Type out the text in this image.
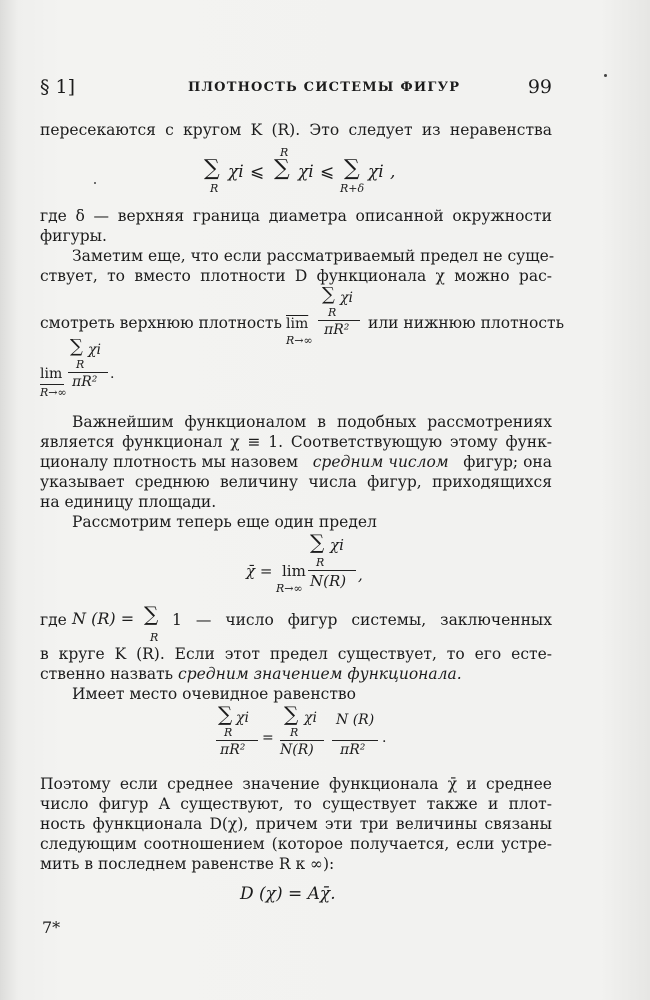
§ 1]	ПЛОТНОСТЬ СИСТЕМЫ ФИГУР	99
пересекаются с кругом K (R). Это следует из неравенства
∑
R
χi ⩽
R
∑ χi ⩽ ∑
R+δ
χi ,
где δ — верхняя граница диаметра описанной окружности
фигуры.
Заметим еще, что если рассматриваемый предел не суще-
ствует, то вместо плотности D функционала χ можно рас-
смотреть верхнюю плотность $\overline{lim}$
R→∞
∑ χi
R
πR² или нижнюю плотность
lim
R→∞
∑ χi
R
πR² .
Важнейшим функционалом в подобных рассмотрениях
является функционал χ ≡ 1. Соответствующую этому функ-
ционалу плотность мы назовем средним числом фигур; она
указывает среднюю величину числа фигур, приходящихся
на единицу площади.
Рассмотрим теперь еще один предел
χ̄ = lim
R→∞
∑ χi
R
N(R) ,
где N (R) = ∑
R
1 — число фигур системы, заключенных
в круге K (R). Если этот предел существует, то его есте-
ственно назвать средним значением функционала.
Имеет место очевидное равенство
∑ χi
R
πR²
=
∑ χi
R
N(R)
N (R)
πR²
.
Поэтому если среднее значение функционала χ̄ и среднее
число фигур A существуют, то существует также и плот-
ность функционала D(χ), причем эти три величины связаны
следующим соотношением (которое получается, если устре-
мить в последнем равенстве R к ∞):
D (χ) = Aχ̄.
7*
